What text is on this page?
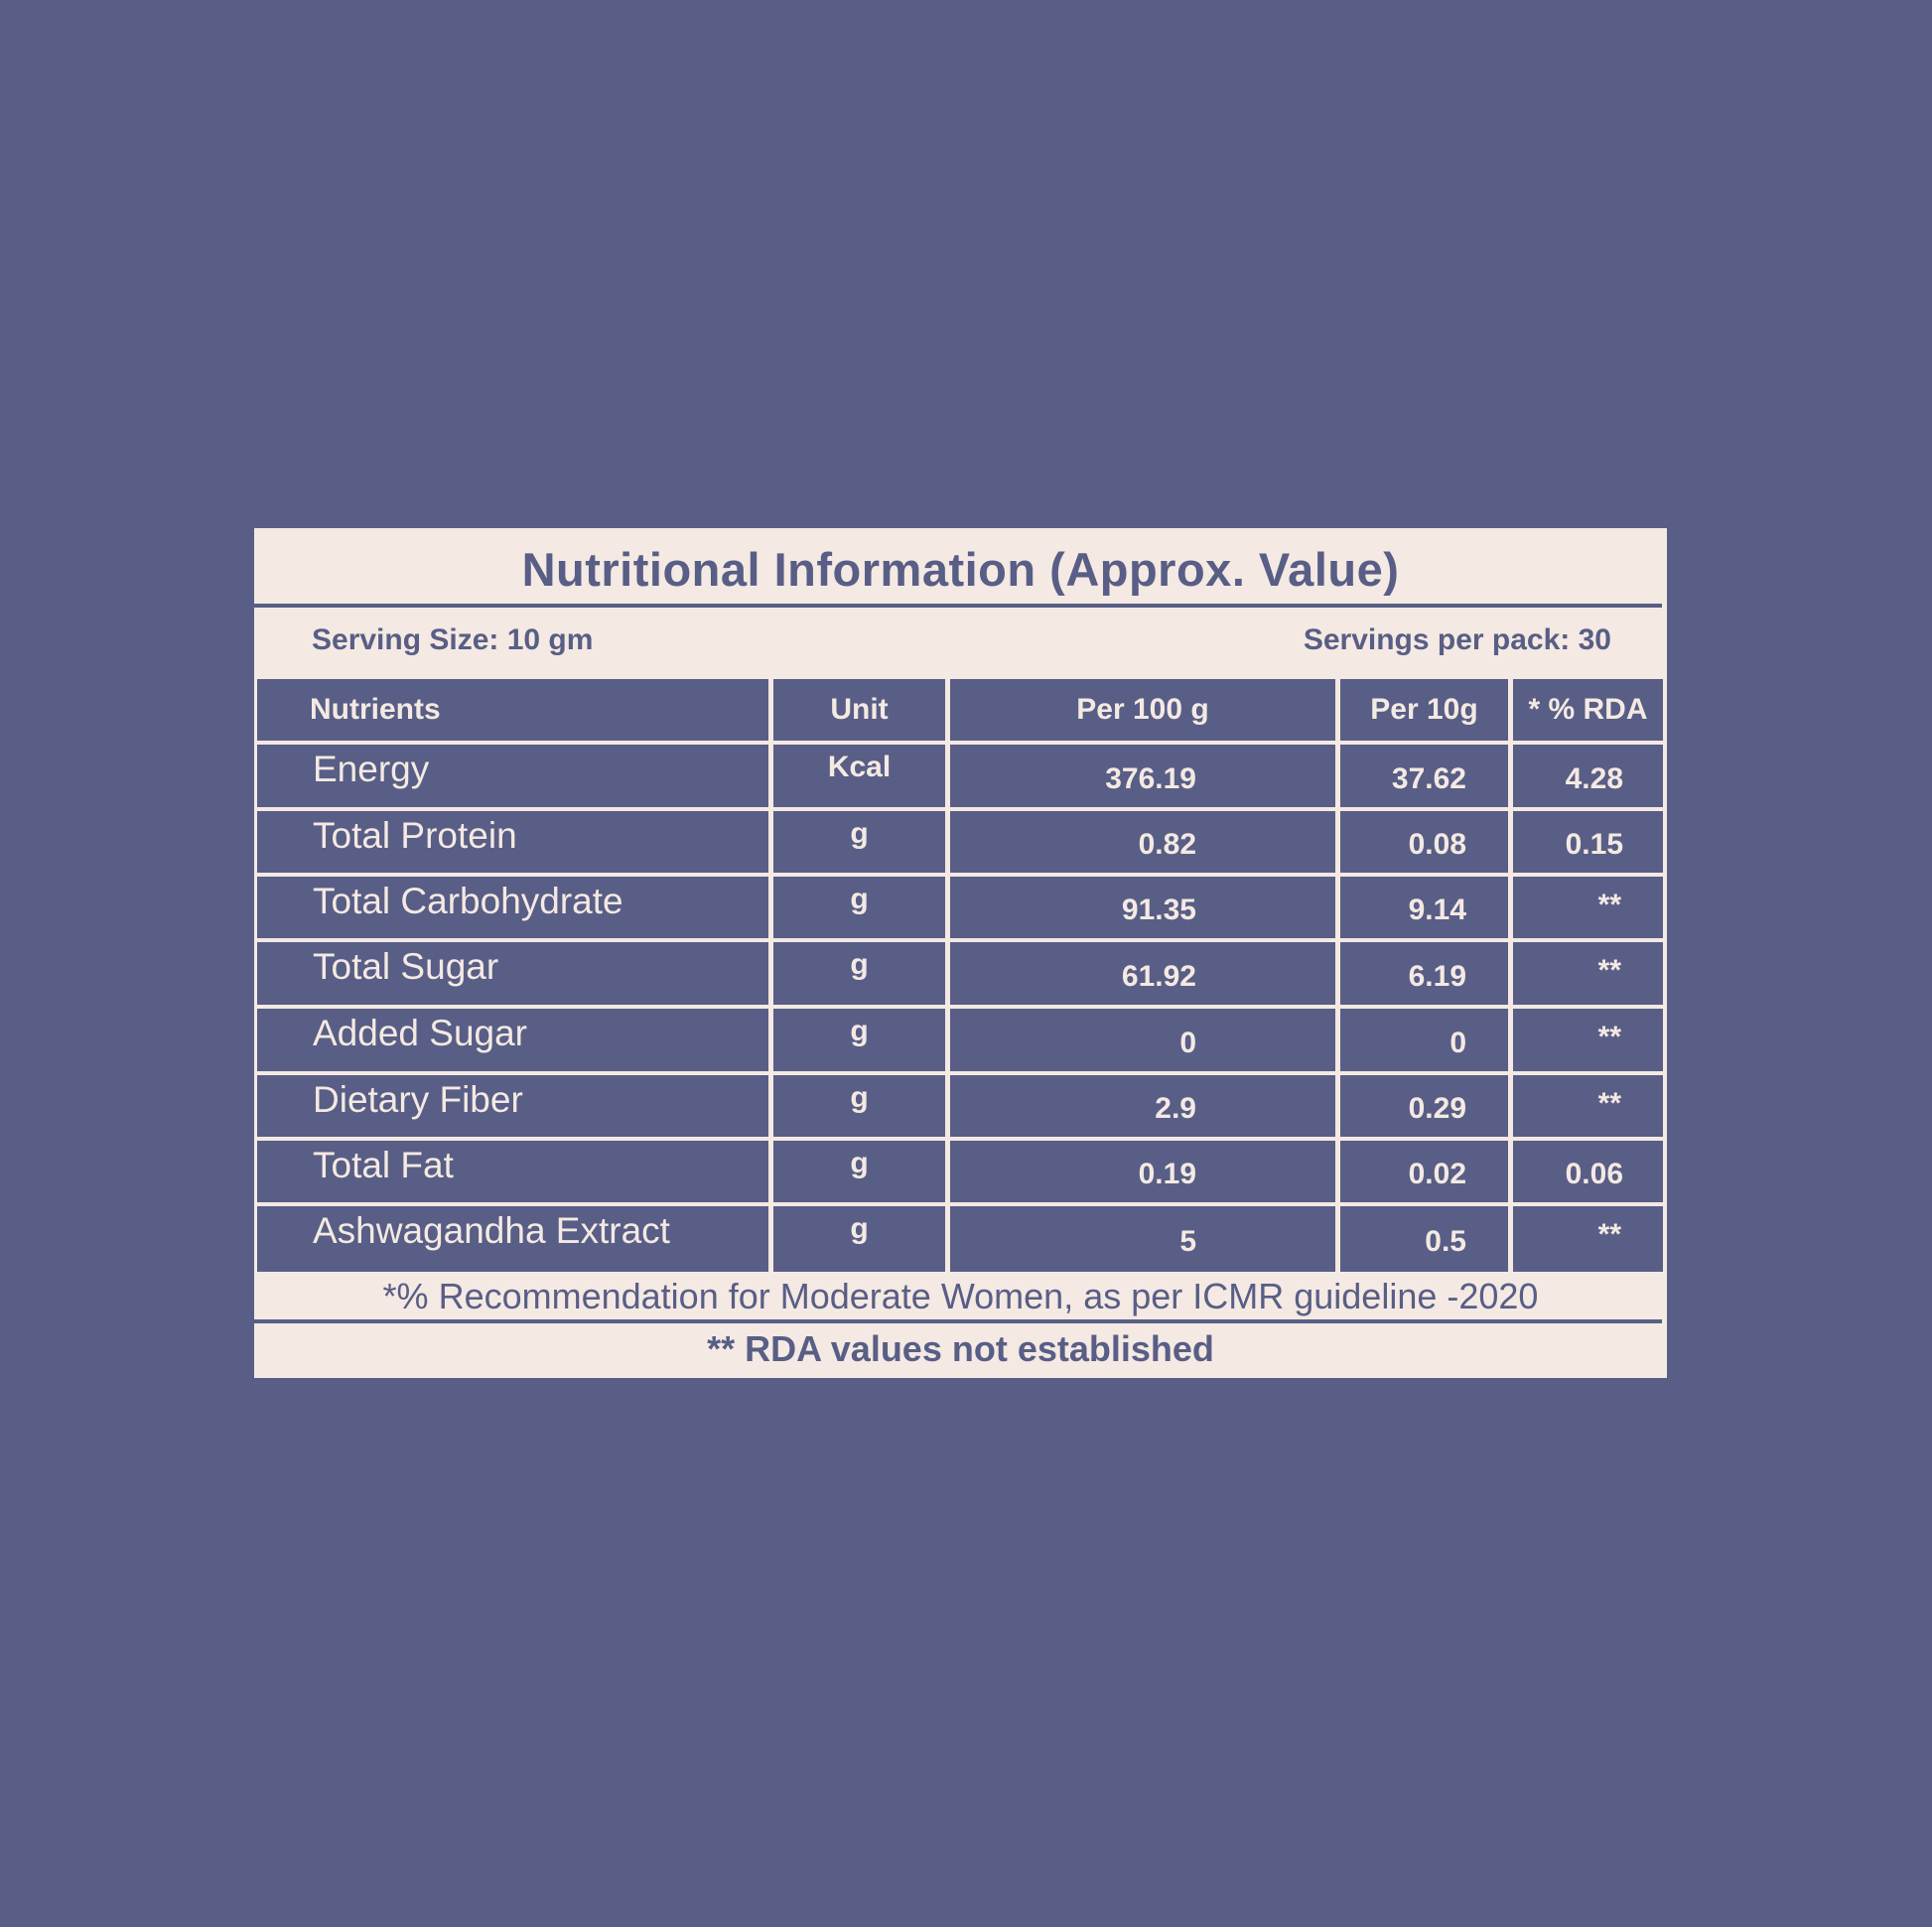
Nutritional Information (Approx. Value)
Serving Size: 10 gm	Servings per pack: 30
Nutrients	Unit	Per 100 g	Per 10g	* % RDA
Energy	Kcal	376.19	37.62	4.28
Total Protein	g	0.82	0.08	0.15
Total Carbohydrate	g	91.35	9.14	**
Total Sugar	g	61.92	6.19	**
Added Sugar	g	0	0	**
Dietary Fiber	g	2.9	0.29	**
Total Fat	g	0.19	0.02	0.06
Ashwagandha Extract	g	5	0.5	**
*% Recommendation for Moderate Women, as per ICMR guideline -2020
** RDA values not established
